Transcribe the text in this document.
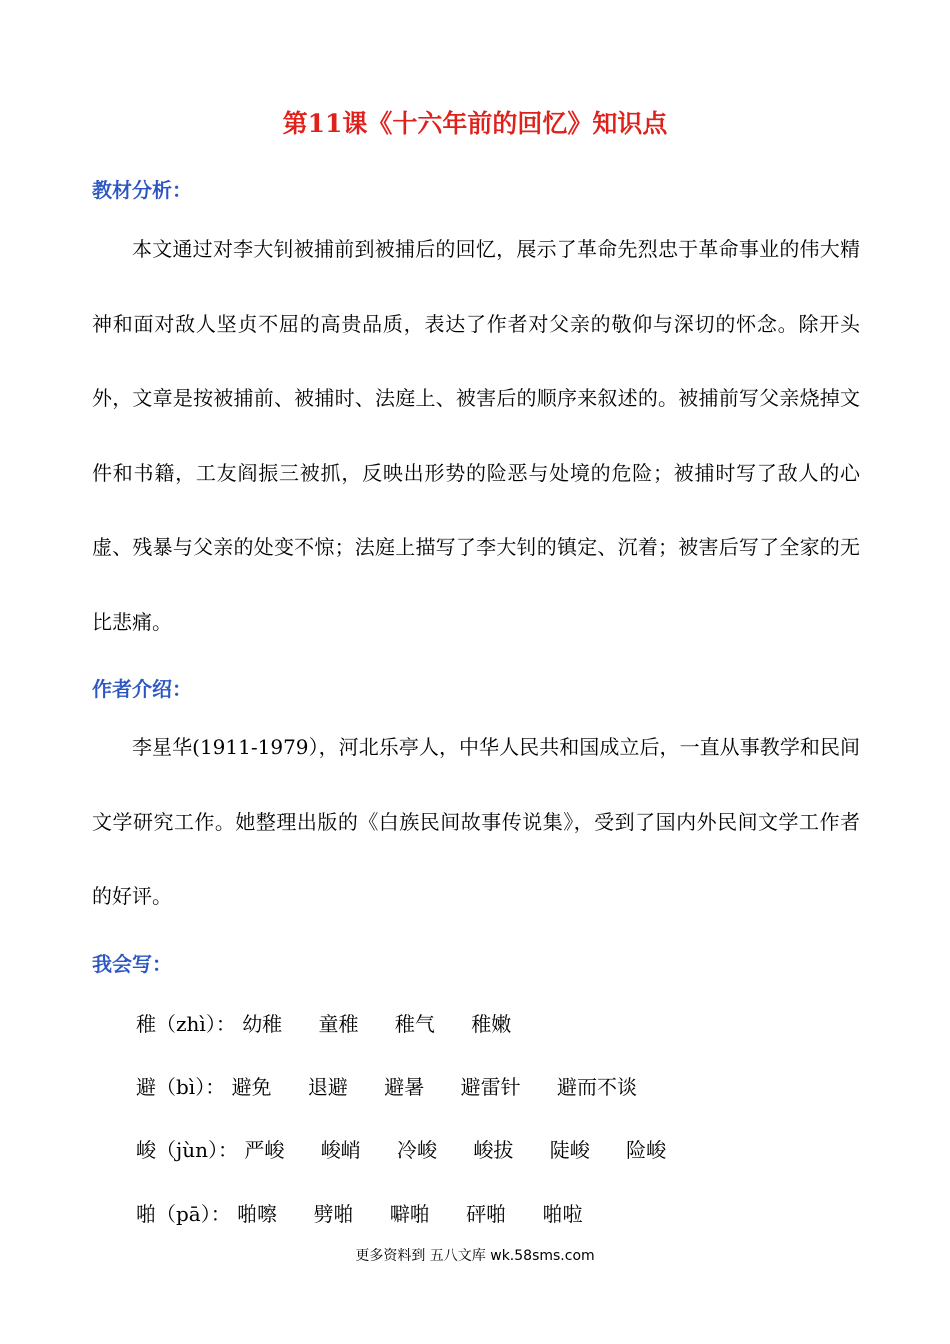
第11课《十六年前的回忆》知识点
教材分析：

本文通过对李大钊被捕前到被捕后的回忆，展示了革命先烈忠于革命事业的伟大精神和面对敌人坚贞不屈的高贵品质，表达了作者对父亲的敬仰与深切的怀念。除开头外，文章是按被捕前、被捕时、法庭上、被害后的顺序来叙述的。被捕前写父亲烧掉文件和书籍，工友阎振三被抓，反映出形势的险恶与处境的危险；被捕时写了敌人的心虚、残暴与父亲的处变不惊；法庭上描写了李大钊的镇定、沉着；被害后写了全家的无比悲痛。

作者介绍：

李星华(1911-1979），河北乐亭人，中华人民共和国成立后，一直从事教学和民间文学研究工作。她整理出版的《白族民间故事传说集》，受到了国内外民间文学工作者的好评。

我会写：
稚（zhì）： 幼稚 童稚 稚气 稚嫩
避（bì）： 避免 退避 避暑 避雷针 避而不谈
峻（jùn）： 严峻 峻峭 冷峻 峻拔 陡峻 险峻
啪（pā）： 啪嚓 劈啪 噼啪 砰啪 啪啦
更多资料到 五八文库 wk.58sms.com
